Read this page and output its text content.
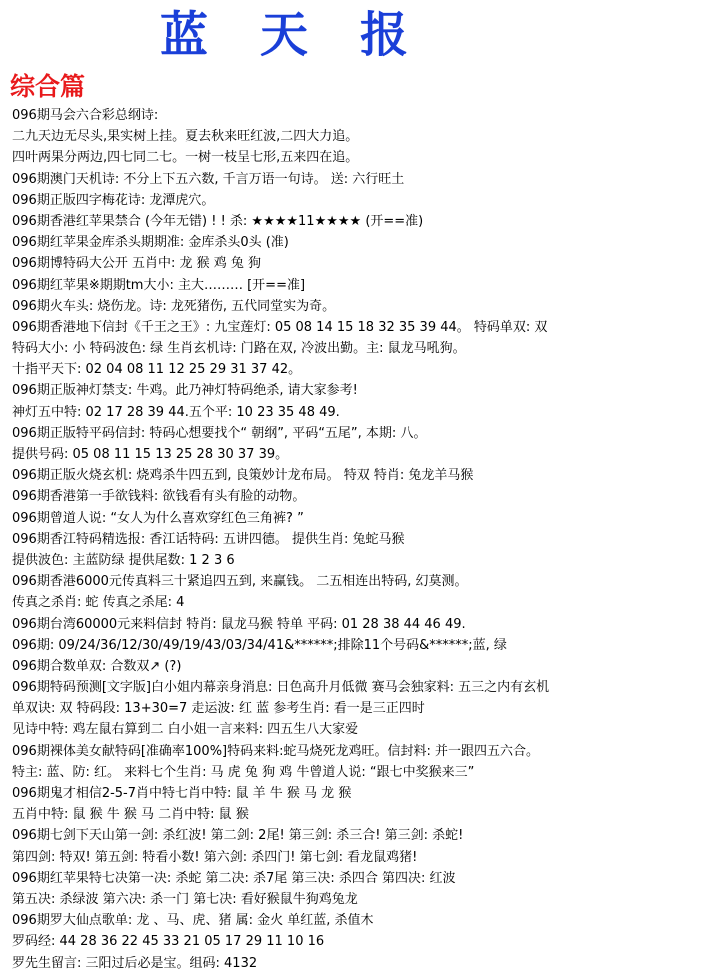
蓝天报
综合篇
096期马会六合彩总纲诗:
二九天边无尽头,果实树上挂。夏去秋来旺红波,二四大力追。
四叶两果分两边,四七同二七。一树一枝呈七形,五来四在追。
096期澳门天机诗: 不分上下五六数, 千言万语一句诗。 送: 六行旺土
096期正版四字梅花诗: 龙潭虎穴。
096期香港红苹果禁合 (今年无错) ! ! 杀: ★★★★11★★★★ (开==准)
096期红苹果金库杀头期期准: 金库杀头0头 (准)
096期博特码大公开 五肖中: 龙 猴 鸡 兔 狗
096期红苹果※期期tm大小: 主大……… [开==准]
096期火车头: 烧伤龙。诗: 龙死猪伤, 五代同堂实为奇。
096期香港地下信封《千王之王》: 九宝莲灯: 05 08 14 15 18 32 35 39 44。 特码单双: 双
特码大小: 小 特码波色: 绿 生肖玄机诗: 门路在双, 冷波出勤。主: 鼠龙马吼狗。
十指平天下: 02 04 08 11 12 25 29 31 37 42。
096期正版神灯禁支: 牛鸡。此乃神灯特码绝杀, 请大家参考!
神灯五中特: 02 17 28 39 44.五个平: 10 23 35 48 49.
096期正版特平码信封: 特码心想要找个“ 朝纲”, 平码“五尾”, 本期: 八。
提供号码: 05 08 11 15 13 25 28 30 37 39。
096期正版火烧玄机: 烧鸡杀牛四五到, 良策妙计龙布局。 特双 特肖: 兔龙羊马猴
096期香港第一手欲钱料: 欲钱看有头有脸的动物。
096期曾道人说: “女人为什么喜欢穿红色三角裤? ”
096期香江特码精选报: 香江话特码: 五讲四德。 提供生肖: 兔蛇马猴
提供波色: 主蓝防绿 提供尾数: 1 2 3 6
096期香港6000元传真料三十紧追四五到, 来赢钱。 二五相连出特码, 幻莫测。
传真之杀肖: 蛇 传真之杀尾: 4
096期台湾60000元来料信封 特肖: 鼠龙马猴 特单 平码: 01 28 38 44 46 49.
096期: 09/24/36/12/30/49/19/43/03/34/41&******;排除11个号码&******;蓝, 绿
096期合数单双: 合数双↗ (?)
096期特码预测[文字版]白小姐内幕亲身消息: 日色高升月低微 赛马会独家料: 五三之内有玄机
单双诀: 双 特码段: 13+30=7 走运波: 红 蓝 参考生肖: 看一是三正四时
见诗中特: 鸡左鼠右算到二 白小姐一言来料: 四五生八大家爱
096期裸体美女献特码[准确率100%]特码来料:蛇马烧死龙鸡旺。信封料: 并一跟四五六合。
特主: 蓝、防: 红。 来料七个生肖: 马 虎 兔 狗 鸡 牛曾道人说: “跟七中奖猴来三”
096期鬼才相信2-5-7肖中特七肖中特: 鼠 羊 牛 猴 马 龙 猴
五肖中特: 鼠 猴 牛 猴 马 二肖中特: 鼠 猴
096期七剑下天山第一剑: 杀红波! 第二剑: 2尾! 第三剑: 杀三合! 第三剑: 杀蛇!
第四剑: 特双! 第五剑: 特看小数! 第六剑: 杀四门! 第七剑: 看龙鼠鸡猪!
096期红苹果特七决第一决: 杀蛇 第二决: 杀7尾 第三决: 杀四合 第四决: 红波
第五决: 杀绿波 第六决: 杀一门 第七决: 看好猴鼠牛狗鸡兔龙
096期罗大仙点歌单: 龙 、马、虎、猪 属: 金火 单红蓝, 杀值木
罗码经: 44 28 36 22 45 33 21 05 17 29 11 10 16
罗先生留言: 三阳过后必是宝。组码: 4132
